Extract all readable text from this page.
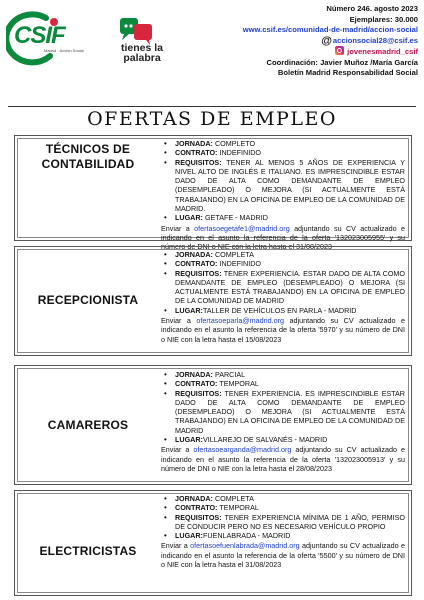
CSIF
Madrid · Acción Social	tienes la palabra
Número 246. agosto 2023
Ejemplares: 30.000
www.csif.es/comunidad-de-madrid/accion-social
@accionsocial28@csif.es
jovenesmadrid_csif
Coordinación: Javier Muñoz /María García
Boletín Madrid Responsabilidad Social
OFERTAS DE EMPLEO
TÉCNICOS DE
CONTABILIDAD
• JORNADA: COMPLETO
• CONTRATO: INDEFINIDO
• REQUISITOS: TENER AL MENOS 5 AÑOS DE EXPERIENCIA Y NIVEL ALTO DE INGLÉS E ITALIANO. ES IMPRESCINDIBLE ESTAR DADO DE ALTA COMO DEMANDANTE DE EMPLEO (DESEMPLEADO) O MEJORA (SI ACTUALMENTE ESTÁ TRABAJANDO) EN LA OFICINA DE EMPLEO DE LA COMUNIDAD DE MADRID.
• LUGAR: GETAFE - MADRID
Enviar a ofertasoegetafe1@madrid.org adjuntando su CV actualizado e indicando en el asunto la referencia de la oferta '132023005955' y su número de DNI o NIE con la letra hasta el 31/08/2023
RECEPCIONISTA
• JORNADA: COMPLETA
• CONTRATO: INDEFINIDO
• REQUISITOS: TENER EXPERIENCIA. ESTAR DADO DE ALTA COMO DEMANDANTE DE EMPLEO (DESEMPLEADO) O MEJORA (SI ACTUALMENTE ESTÁ TRABAJANDO) EN LA OFICINA DE EMPLEO DE LA COMUNIDAD DE MADRID
• LUGAR:TALLER DE VEHÍCULOS EN PARLA - MADRID
Enviar a ofertasoeparla@madrid.org adjuntando su CV actualizado e indicando en el asunto la referencia de la oferta '5970' y su número de DNI o NIE con la letra hasta el 15/08/2023
CAMAREROS
• JORNADA: PARCIAL
• CONTRATO: TEMPORAL
• REQUISITOS: TENER EXPERIENCIA. ES IMPRESCINDIBLE ESTAR DADO DE ALTA COMO DEMANDANTE DE EMPLEO (DESEMPLEADO) O MEJORA (SI ACTUALMENTE ESTÁ TRABAJANDO) EN LA OFICINA DE EMPLEO DE LA COMUNIDAD DE MADRID
• LUGAR:VILLAREJO DE SALVANÉS - MADRID
Enviar a ofertasoearganda@madrid.org adjuntando su CV actualizado e indicando en el asunto la referencia de la oferta '132023005913' y su número de DNI o NIE con la letra hasta el 28/08/2023
ELECTRICISTAS
• JORNADA: COMPLETA
• CONTRATO: TEMPORAL
• REQUISITOS: TENER EXPERIENCIA MÍNIMA DE 1 AÑO, PERMISO DE CONDUCIR PERO NO ES NECESARIO VEHÍCULO PROPIO
• LUGAR:FUENLABRADA - MADRID
Enviar a ofertasoefuenlabrada@madrid.org adjuntando su CV actualizado e indicando en el asunto la referencia de la oferta '5500' y su número de DNI o NIE con la letra hasta el 31/08/2023
